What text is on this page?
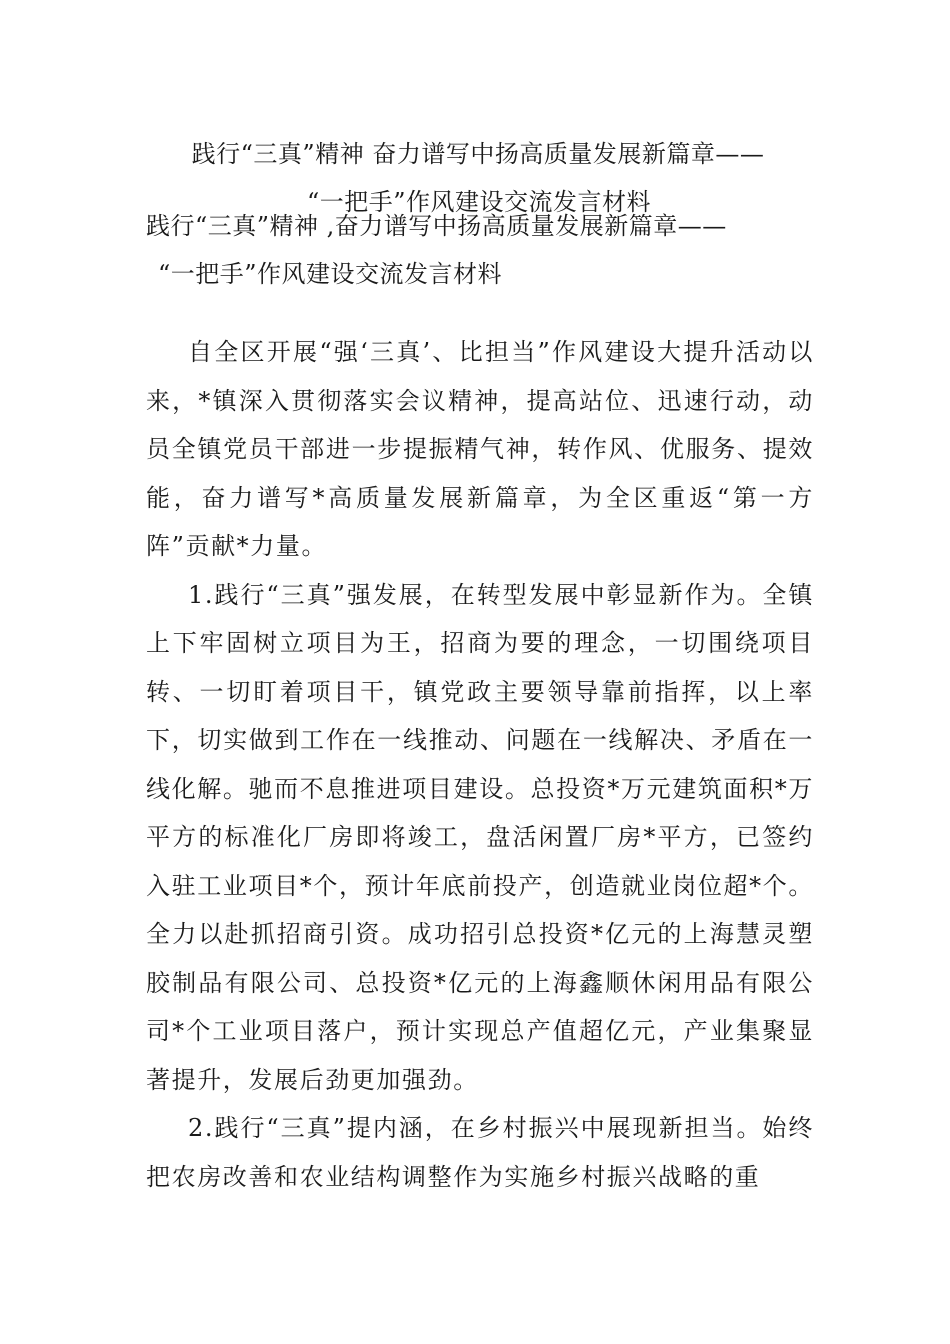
践行“三真”精神 奋力谱写中扬高质量发展新篇章——
“一把手”作风建设交流发言材料
践行“三真”精神 ,奋力谱写中扬高质量发展新篇章——
“一把手”作风建设交流发言材料

自全区开展“强‘三真’、比担当”作风建设大提升活动以来，*镇深入贯彻落实会议精神，提高站位、迅速行动，动员全镇党员干部进一步提振精气神，转作风、优服务、提效能，奋力谱写*高质量发展新篇章，为全区重返“第一方阵”贡献*力量。

1.践行“三真”强发展，在转型发展中彰显新作为。全镇上下牢固树立项目为王，招商为要的理念，一切围绕项目转、一切盯着项目干，镇党政主要领导靠前指挥，以上率下，切实做到工作在一线推动、问题在一线解决、矛盾在一线化解。驰而不息推进项目建设。总投资*万元建筑面积*万平方的标准化厂房即将竣工，盘活闲置厂房*平方，已签约入驻工业项目*个，预计年底前投产，创造就业岗位超*个。全力以赴抓招商引资。成功招引总投资*亿元的上海慧灵塑胶制品有限公司、总投资*亿元的上海鑫顺休闲用品有限公司*个工业项目落户，预计实现总产值超亿元，产业集聚显著提升，发展后劲更加强劲。

2.践行“三真”提内涵，在乡村振兴中展现新担当。始终把农房改善和农业结构调整作为实施乡村振兴战略的重
